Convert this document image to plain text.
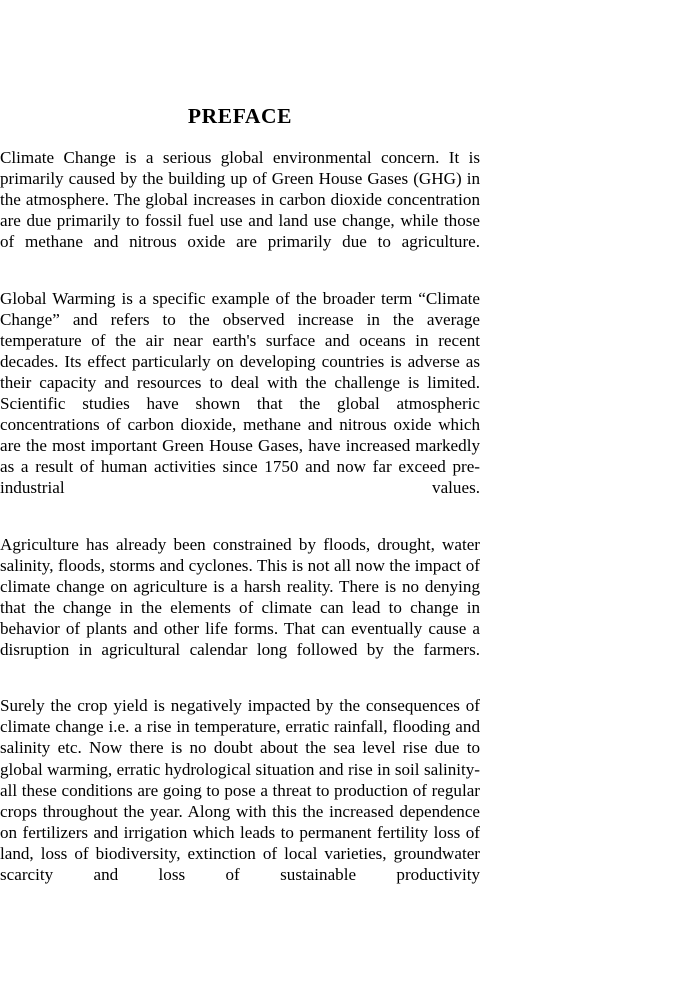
PREFACE

Climate Change is a serious global environmental concern. It is primarily caused by the building up of Green House Gases (GHG) in the atmosphere. The global increases in carbon dioxide concentration are due primarily to fossil fuel use and land use change, while those of methane and nitrous oxide are primarily due to agriculture.

Global Warming is a specific example of the broader term “Climate Change” and refers to the observed increase in the average temperature of the air near earth's surface and oceans in recent decades. Its effect particularly on developing countries is adverse as their capacity and resources to deal with the challenge is limited. Scientific studies have shown that the global atmospheric concentrations of carbon dioxide, methane and nitrous oxide which are the most important Green House Gases, have increased markedly as a result of human activities since 1750 and now far exceed pre-industrial values.

Agriculture has already been constrained by floods, drought, water salinity, floods, storms and cyclones. This is not all now the impact of climate change on agriculture is a harsh reality. There is no denying that the change in the elements of climate can lead to change in behavior of plants and other life forms. That can eventually cause a disruption in agricultural calendar long followed by the farmers.

Surely the crop yield is negatively impacted by the consequences of climate change i.e. a rise in temperature, erratic rainfall, flooding and salinity etc. Now there is no doubt about the sea level rise due to global warming, erratic hydrological situation and rise in soil salinity- all these conditions are going to pose a threat to production of regular crops throughout the year. Along with this the increased dependence on fertilizers and irrigation which leads to permanent fertility loss of land, loss of biodiversity, extinction of local varieties, groundwater scarcity and loss of sustainable productivity
